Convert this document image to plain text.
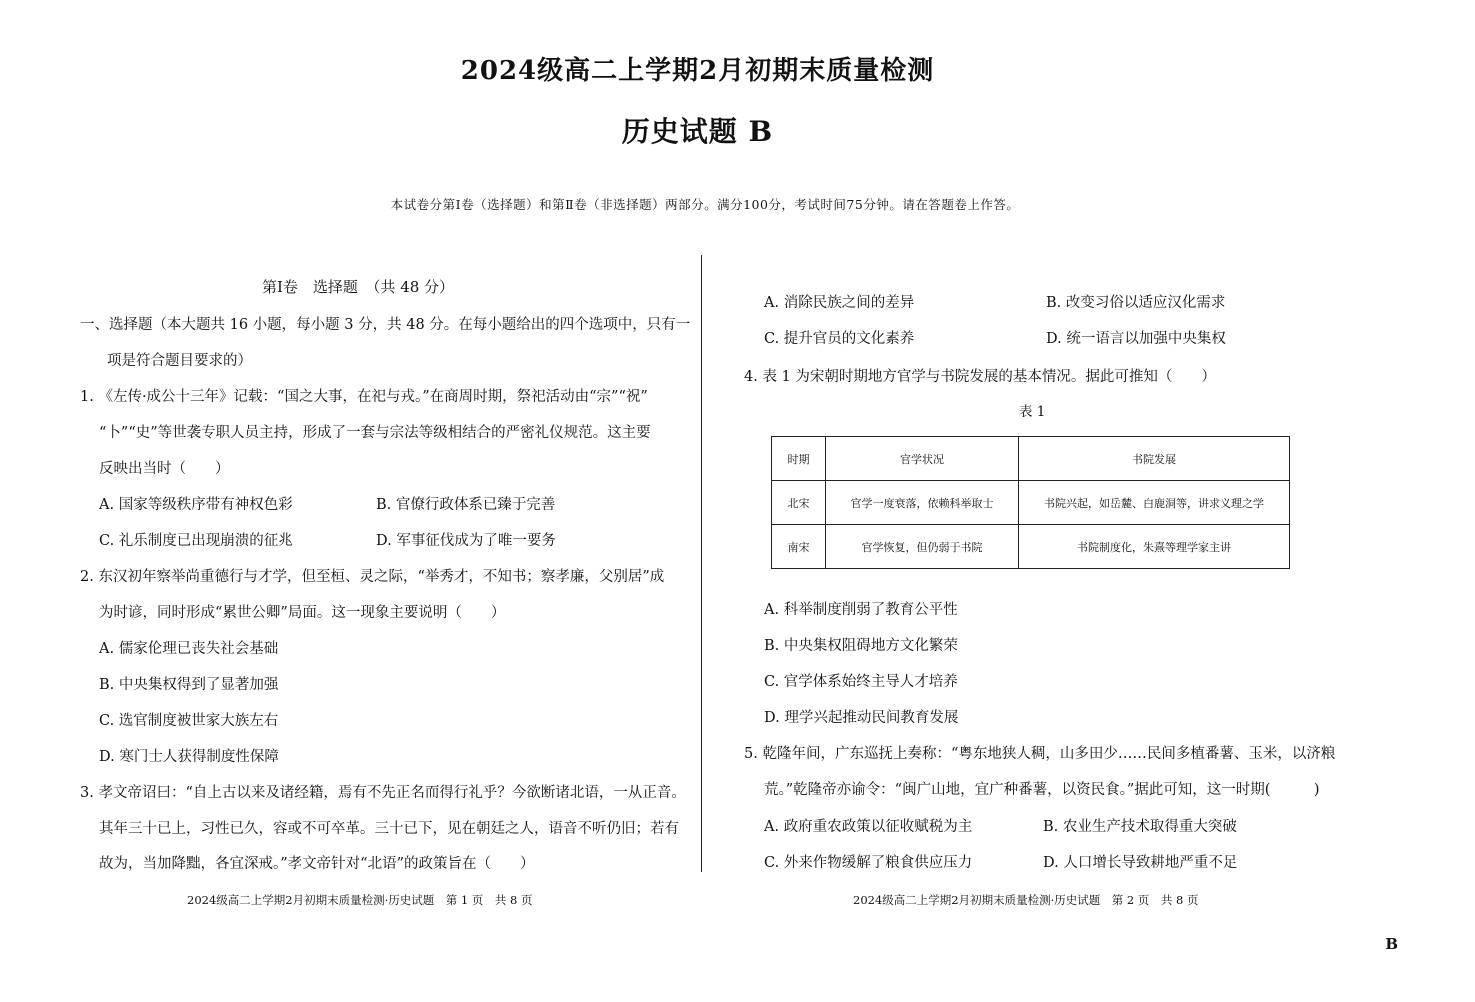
2024级高二上学期2月初期末质量检测
历史试题 B
本试卷分第Ⅰ卷（选择题）和第Ⅱ卷（非选择题）两部分。满分100分，考试时间75分钟。请在答题卷上作答。
第Ⅰ卷　选择题　（共 48 分）
一、选择题（本大题共 16 小题，每小题 3 分，共 48 分。在每小题给出的四个选项中，只有一
项是符合题目要求的）
1. 《左传·成公十三年》记载：“国之大事，在祀与戎。”在商周时期，祭祀活动由“宗”“祝”
“卜”“史”等世袭专职人员主持，形成了一套与宗法等级相结合的严密礼仪规范。这主要
反映出当时（　　）
A. 国家等级秩序带有神权色彩	B. 官僚行政体系已臻于完善
C. 礼乐制度已出现崩溃的征兆	D. 军事征伐成为了唯一要务
2. 东汉初年察举尚重德行与才学，但至桓、灵之际，“举秀才，不知书；察孝廉，父别居”成
为时谚，同时形成“累世公卿”局面。这一现象主要说明（　　）
A. 儒家伦理已丧失社会基础
B. 中央集权得到了显著加强
C. 选官制度被世家大族左右
D. 寒门士人获得制度性保障
3. 孝文帝诏曰：“自上古以来及诸经籍，焉有不先正名而得行礼乎？今欲断诸北语，一从正音。
其年三十已上，习性已久，容或不可卒革。三十已下，见在朝廷之人，语音不听仍旧；若有
故为，当加降黜，各宜深戒。”孝文帝针对“北语”的政策旨在（　　）
2024级高二上学期2月初期末质量检测·历史试题　第 1 页　共 8 页
A. 消除民族之间的差异	B. 改变习俗以适应汉化需求
C. 提升官员的文化素养	D. 统一语言以加强中央集权
4. 表 1 为宋朝时期地方官学与书院发展的基本情况。据此可推知（　　）
表 1
时期	官学状况	书院发展
北宋	官学一度衰落，依赖科举取士	书院兴起，如岳麓、白鹿洞等，讲求义理之学
南宋	官学恢复，但仍弱于书院	书院制度化，朱熹等理学家主讲
A. 科举制度削弱了教育公平性
B. 中央集权阻碍地方文化繁荣
C. 官学体系始终主导人才培养
D. 理学兴起推动民间教育发展
5. 乾隆年间，广东巡抚上奏称：“粤东地狭人稠，山多田少……民间多植番薯、玉米，以济粮
荒。”乾隆帝亦谕令：“闽广山地，宜广种番薯，以资民食。”据此可知，这一时期(　　　)
A. 政府重农政策以征收赋税为主	B. 农业生产技术取得重大突破
C. 外来作物缓解了粮食供应压力	D. 人口增长导致耕地严重不足
2024级高二上学期2月初期末质量检测·历史试题　第 2 页　共 8 页
B
